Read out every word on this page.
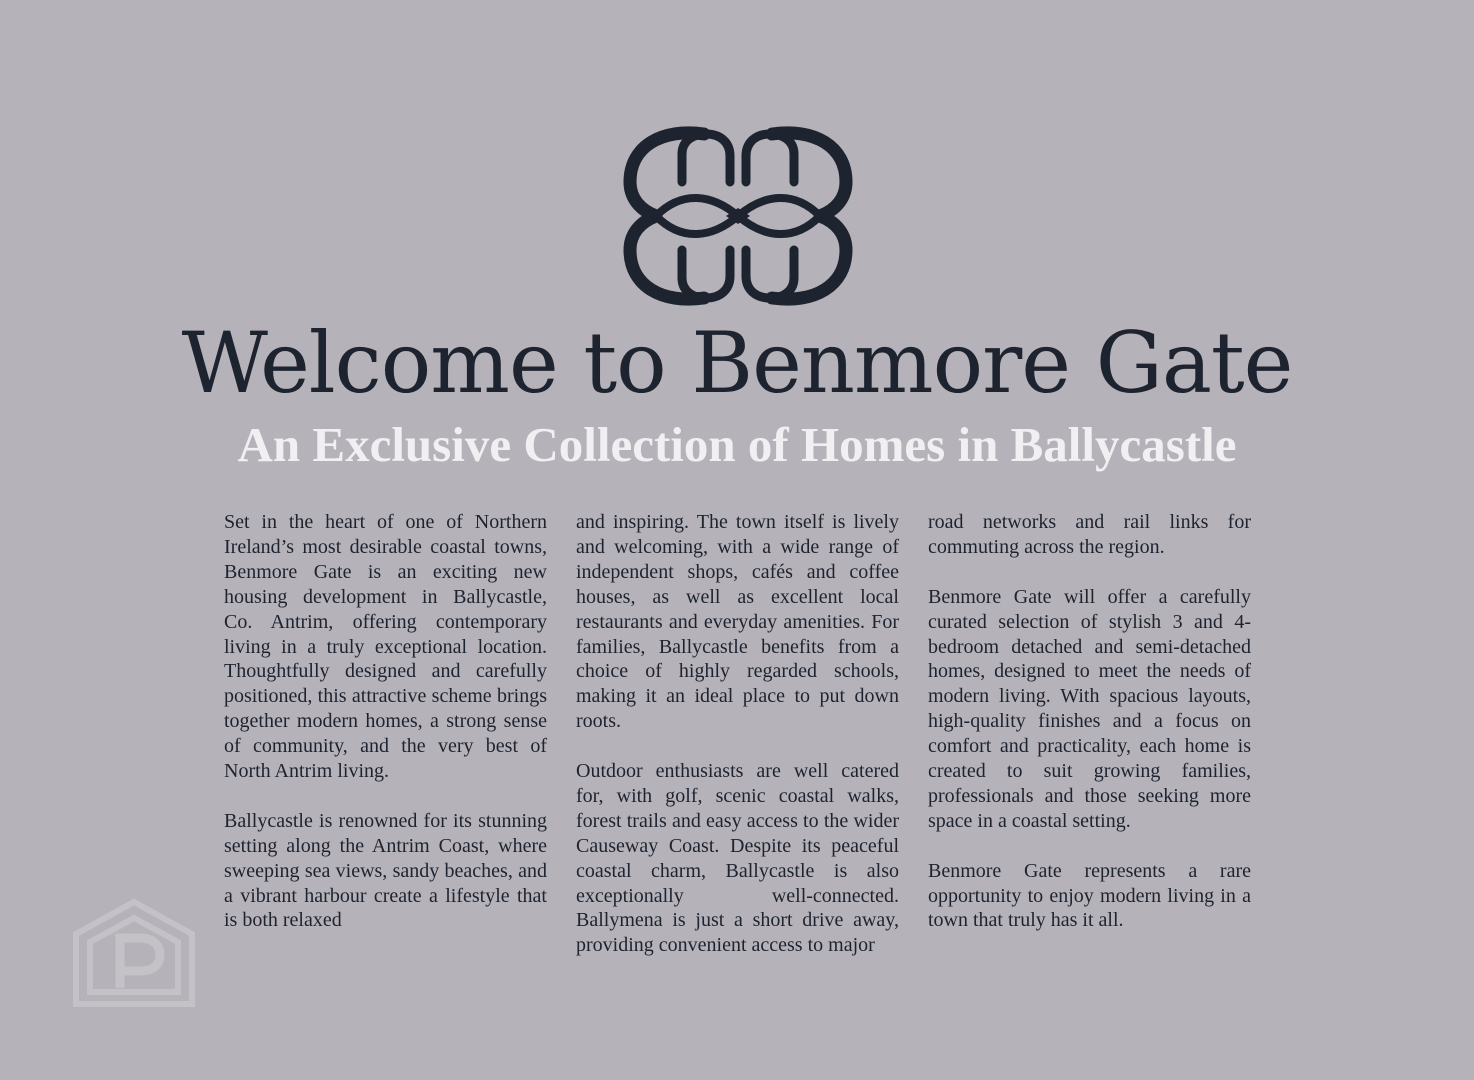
Welcome to Benmore Gate
An Exclusive Collection of Homes in Ballycastle

Set in the heart of one of Northern Ireland’s most desirable coastal towns, Benmore Gate is an exciting new housing development in Ballycastle, Co. Antrim, offering contemporary living in a truly exceptional location. Thoughtfully designed and carefully positioned, this attractive scheme brings together modern homes, a strong sense of community, and the very best of North Antrim living.

Ballycastle is renowned for its stunning setting along the Antrim Coast, where sweeping sea views, sandy beaches, and a vibrant harbour create a lifestyle that is both relaxed

and inspiring. The town itself is lively and welcoming, with a wide range of independent shops, cafés and coffee houses, as well as excellent local restaurants and everyday amenities. For families, Ballycastle benefits from a choice of highly regarded schools, making it an ideal place to put down roots.

Outdoor enthusiasts are well catered for, with golf, scenic coastal walks, forest trails and easy access to the wider Causeway Coast. Despite its peaceful coastal charm, Ballycastle is also exceptionally well-connected. Ballymena is just a short drive away, providing convenient access to major

road networks and rail links for commuting across the region.

Benmore Gate will offer a carefully curated selection of stylish 3 and 4-bedroom detached and semi-detached homes, designed to meet the needs of modern living. With spacious layouts, high-quality finishes and a focus on comfort and practicality, each home is created to suit growing families, professionals and those seeking more space in a coastal setting.

Benmore Gate represents a rare opportunity to enjoy modern living in a town that truly has it all.
